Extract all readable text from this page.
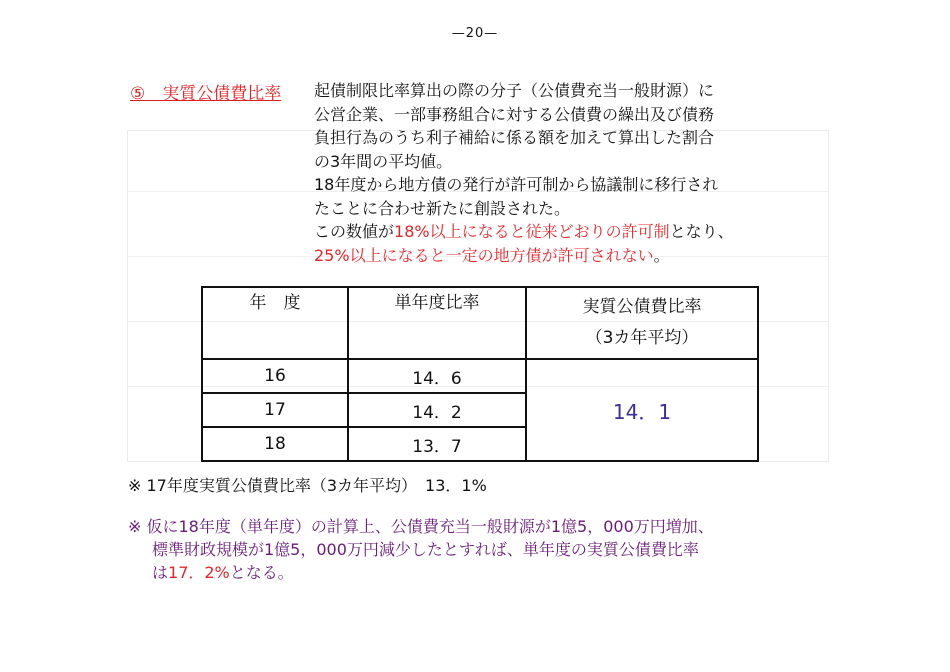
—20—
⑤　実質公債費比率 起債制限比率算出の際の分子（公債費充当一般財源）に
公営企業、一部事務組合に対する公債費の繰出及び債務
負担行為のうち利子補給に係る額を加えて算出した割合
の3年間の平均値。
18年度から地方債の発行が許可制から協議制に移行され
たことに合わせ新たに創設された。
この数値が18%以上になると従来どおりの許可制となり、
25%以上になると一定の地方債が許可されない。
年　度	単年度比率	実質公債費比率
（3カ年平均）

16	14．6	14．1
17	14．2	
18	13．7	
※ 17年度実質公債費比率（3カ年平均）　13．1%
※ 仮に18年度（単年度）の計算上、公債費充当一般財源が1億5，000万円増加、
標準財政規模が1億5，000万円減少したとすれば、単年度の実質公債費比率
は17．2%となる。
